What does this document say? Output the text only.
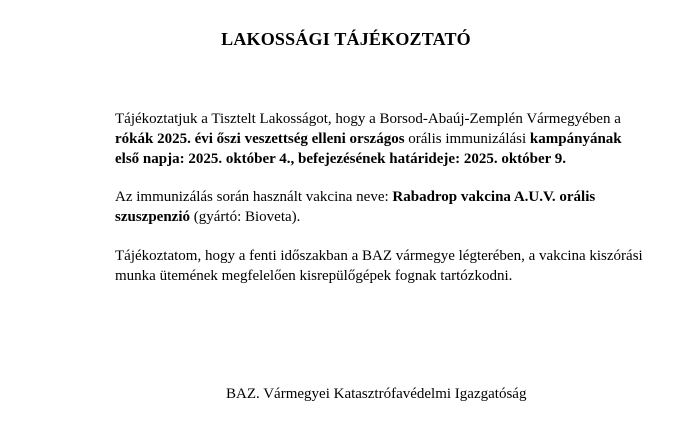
LAKOSSÁGI TÁJÉKOZTATÓ
Tájékoztatjuk a Tisztelt Lakosságot, hogy a Borsod-Abaúj-Zemplén Vármegyében a
rókák 2025. évi őszi veszettség elleni országos orális immunizálási kampányának
első napja: 2025. október 4., befejezésének határideje: 2025. október 9.
Az immunizálás során használt vakcina neve: Rabadrop vakcina A.U.V. orális
szuszpenzió (gyártó: Bioveta).
Tájékoztatom, hogy a fenti időszakban a BAZ vármegye légterében, a vakcina kiszórási
munka ütemének megfelelően kisrepülőgépek fognak tartózkodni.
BAZ. Vármegyei Katasztrófavédelmi Igazgatóság
